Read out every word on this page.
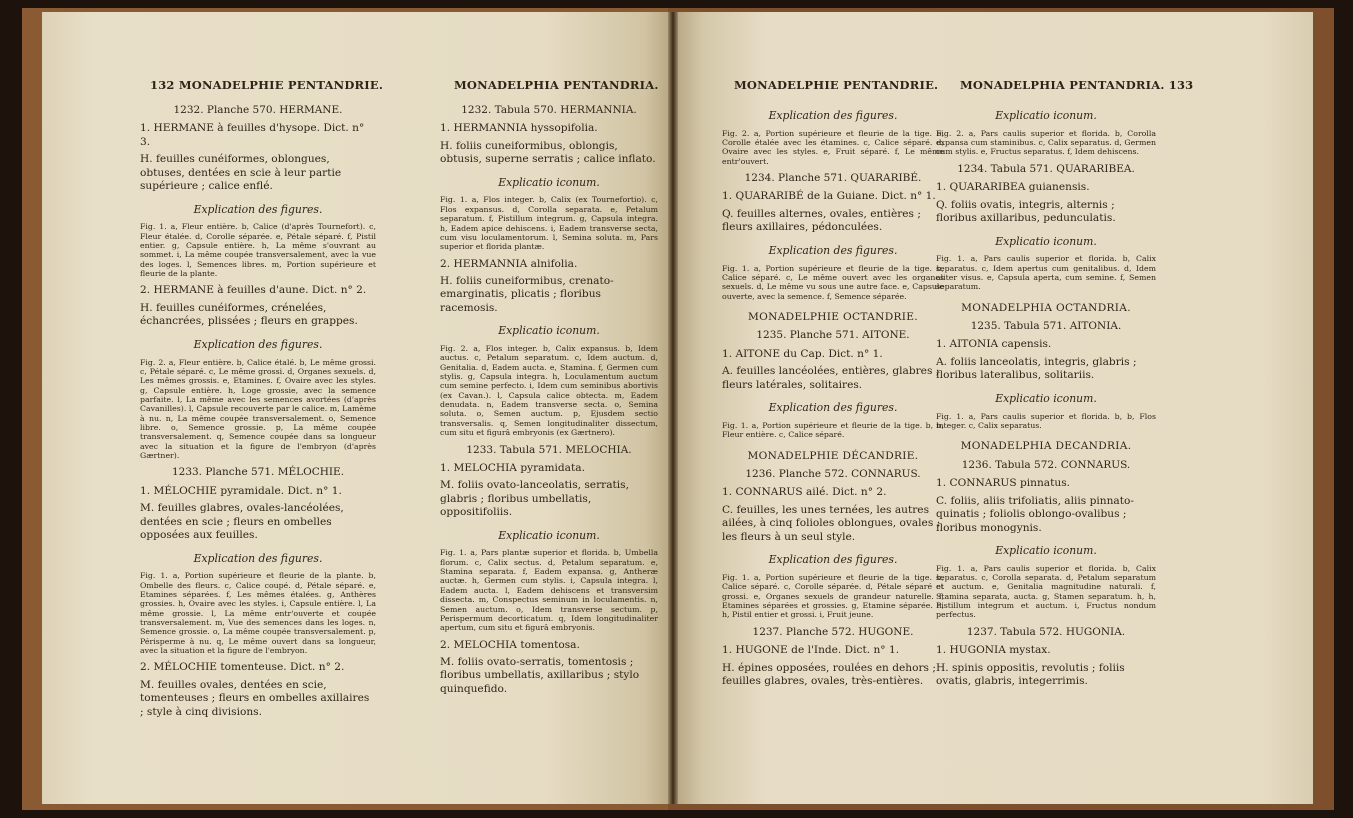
132 MONADELPHIE PENTANDRIE.	MONADELPHIA PENTANDRIA.
1232. Planche 570. HERMANE.
1. HERMANE à feuilles d'hysope. Dict. n° 3.
H. feuilles cunéiformes, oblongues, obtuses, dentées en scie à leur partie supérieure ; calice enflé.
Explication des figures.
Fig. 1. a, Fleur entière. b, Calice (d'après Tournefort). c, Fleur étalée. d, Corolle séparée. e, Pétale séparé. f, Pistil entier. g, Capsule entière. h, La même s'ouvrant au sommet. i, La même coupée transversalement, avec la vue des loges. l, Semences libres. m, Portion supérieure et fleurie de la plante.
2. HERMANE à feuilles d'aune. Dict. n° 2.
H. feuilles cunéiformes, crénelées, échancrées, plissées ; fleurs en grappes.
Explication des figures.
Fig. 2. a, Fleur entière. b, Calice étalé. b, Le même grossi. c, Pétale séparé. c, Le même grossi. d, Organes sexuels. d, Les mêmes grossis. e, Etamines. f, Ovaire avec les styles. g, Capsule entière. h, Loge grossie, avec la semence parfaite. l, La même avec les semences avortées (d'après Cavanilles). l, Capsule recouverte par le calice. m, Lamème à nu. n, La même coupée transversalement. o, Semence libre. o, Semence grossie. p, La même coupée transversalement. q, Semence coupée dans sa longueur avec la situation et la figure de l'embryon (d'après Gærtner).
1233. Planche 571. MÉLOCHIE.
1. MÉLOCHIE pyramidale. Dict. n° 1.
M. feuilles glabres, ovales-lancéolées, dentées en scie ; fleurs en ombelles opposées aux feuilles.
Explication des figures.
Fig. 1. a, Portion supérieure et fleurie de la plante. b, Ombelle des fleurs. c, Calice coupé. d, Pétale séparé. e, Etamines séparées. f, Les mêmes étalées. g, Anthères grossies. h, Ovaire avec les styles. i, Capsule entière. l, La même grossie. l, La même entr'ouverte et coupée transversalement. m, Vue des semences dans les loges. n, Semence grossie. o, La même coupée transversalement. p, Périsperme à nu. q, Le même ouvert dans sa longueur, avec la situation et la figure de l'embryon.
2. MÉLOCHIE tomenteuse. Dict. n° 2.
M. feuilles ovales, dentées en scie, tomenteuses ; fleurs en ombelles axillaires ; style à cinq divisions.
1232. Tabula 570. HERMANNIA.
1. HERMANNIA hyssopifolia.
H. foliis cuneiformibus, oblongis, obtusis, superne serratis ; calice inflato.
Explicatio iconum.
Fig. 1. a, Flos integer. b, Calix (ex Tournefortio). c, Flos expansus. d, Corolla separata. e, Petalum separatum. f, Pistillum integrum. g, Capsula integra. h, Eadem apice dehiscens. i, Eadem transverse secta, cum visu loculamentorum. l, Semina soluta. m, Pars superior et florida plantæ.
2. HERMANNIA alnifolia.
H. foliis cuneiformibus, crenato-emarginatis, plicatis ; floribus racemosis.
Explicatio iconum.
Fig. 2. a, Flos integer. b, Calix expansus. b, Idem auctus. c, Petalum separatum. c, Idem auctum. d, Genitalia. d, Eadem aucta. e, Stamina. f, Germen cum stylis. g, Capsula integra. h, Loculamentum auctum cum semine perfecto. i, Idem cum seminibus abortivis (ex Cavan.). l, Capsula calice obtecta. m, Eadem denudata. n, Eadem transverse secta. o, Semina soluta. o, Semen auctum. p, Ejusdem sectio transversalis. q, Semen longitudinaliter dissectum, cum situ et figurâ embryonis (ex Gærtnero).
1233. Tabula 571. MELOCHIA.
1. MELOCHIA pyramidata.
M. foliis ovato-lanceolatis, serratis, glabris ; floribus umbellatis, oppositifoliis.
Explicatio iconum.
Fig. 1. a, Pars plantæ superior et florida. b, Umbella florum. c, Calix sectus. d, Petalum separatum. e, Stamina separata. f, Eadem expansa. g, Antheræ auctæ. h, Germen cum stylis. i, Capsula integra. l, Eadem aucta. l, Eadem dehiscens et transversim dissecta. m, Conspectus seminum in loculamentis. n, Semen auctum. o, Idem transverse sectum. p, Perispermum decorticatum. q, Idem longitudinaliter apertum, cum situ et figurâ embryonis.
2. MELOCHIA tomentosa.
M. foliis ovato-serratis, tomentosis ; floribus umbellatis, axillaribus ; stylo quinquefido.
MONADELPHIE PENTANDRIE. MONADELPHIA PENTANDRIA. 133
Explication des figures.
Fig. 2. a, Portion supérieure et fleurie de la tige. b, Corolle étalée avec les étamines. c, Calice séparé. d, Ovaire avec les styles. e, Fruit séparé. f, Le même entr'ouvert.
1234. Planche 571. QUARARIBÉ.
1. QUARARIBÉ de la Guiane. Dict. n° 1.
Q. feuilles alternes, ovales, entières ; fleurs axillaires, pédonculées.
Explication des figures.
Fig. 1. a, Portion supérieure et fleurie de la tige. b, Calice séparé. c, Le même ouvert avec les organes sexuels. d, Le même vu sous une autre face. e, Capsule ouverte, avec la semence. f, Semence séparée.
MONADELPHIE OCTANDRIE.
1235. Planche 571. AITONE.
1. AITONE du Cap. Dict. n° 1.
A. feuilles lancéolées, entières, glabres ; fleurs latérales, solitaires.
Explication des figures.
Fig. 1. a, Portion supérieure et fleurie de la tige. b, b, Fleur entière. c, Calice séparé.
MONADELPHIE DÉCANDRIE.
1236. Planche 572. CONNARUS.
1. CONNARUS ailé. Dict. n° 2.
C. feuilles, les unes ternées, les autres ailées, à cinq folioles oblongues, ovales ; les fleurs à un seul style.
Explication des figures.
Fig. 1. a, Portion supérieure et fleurie de la tige. b, Calice séparé. c, Corolle séparée. d, Pétale séparé et grossi. e, Organes sexuels de grandeur naturelle. f, Etamines séparées et grossies. g, Etamine séparée. h, h, Pistil entier et grossi. i, Fruit jeune.
1237. Planche 572. HUGONE.
1. HUGONE de l'Inde. Dict. n° 1.
H. épines opposées, roulées en dehors ; feuilles glabres, ovales, très-entières.
Explicatio iconum.
Fig. 2. a, Pars caulis superior et florida. b, Corolla expansa cum staminibus. c, Calix separatus. d, Germen cum stylis. e, Fructus separatus. f, Idem dehiscens.
1234. Tabula 571. QUARARIBEA.
1. QUARARIBEA guianensis.
Q. foliis ovatis, integris, alternis ; floribus axillaribus, pedunculatis.
Explicatio iconum.
Fig. 1. a, Pars caulis superior et florida. b, Calix separatus. c, Idem apertus cum genitalibus. d, Idem aliter visus. e, Capsula aperta, cum semine. f, Semen separatum.
MONADELPHIA OCTANDRIA.
1235. Tabula 571. AITONIA.
1. AITONIA capensis.
A. foliis lanceolatis, integris, glabris ; floribus lateralibus, solitariis.
Explicatio iconum.
Fig. 1. a, Pars caulis superior et florida. b, b, Flos integer. c, Calix separatus.
MONADELPHIA DECANDRIA.
1236. Tabula 572. CONNARUS.
1. CONNARUS pinnatus.
C. foliis, aliis trifoliatis, aliis pinnato-quinatis ; foliolis oblongo-ovalibus ; floribus monogynis.
Explicatio iconum.
Fig. 1. a, Pars caulis superior et florida. b, Calix separatus. c, Corolla separata. d, Petalum separatum et auctum. e, Genitalia magnitudine naturali. f, Stamina separata, aucta. g, Stamen separatum. h, h, Pistillum integrum et auctum. i, Fructus nondum perfectus.
1237. Tabula 572. HUGONIA.
1. HUGONIA mystax.
H. spinis oppositis, revolutis ; foliis ovatis, glabris, integerrimis.
